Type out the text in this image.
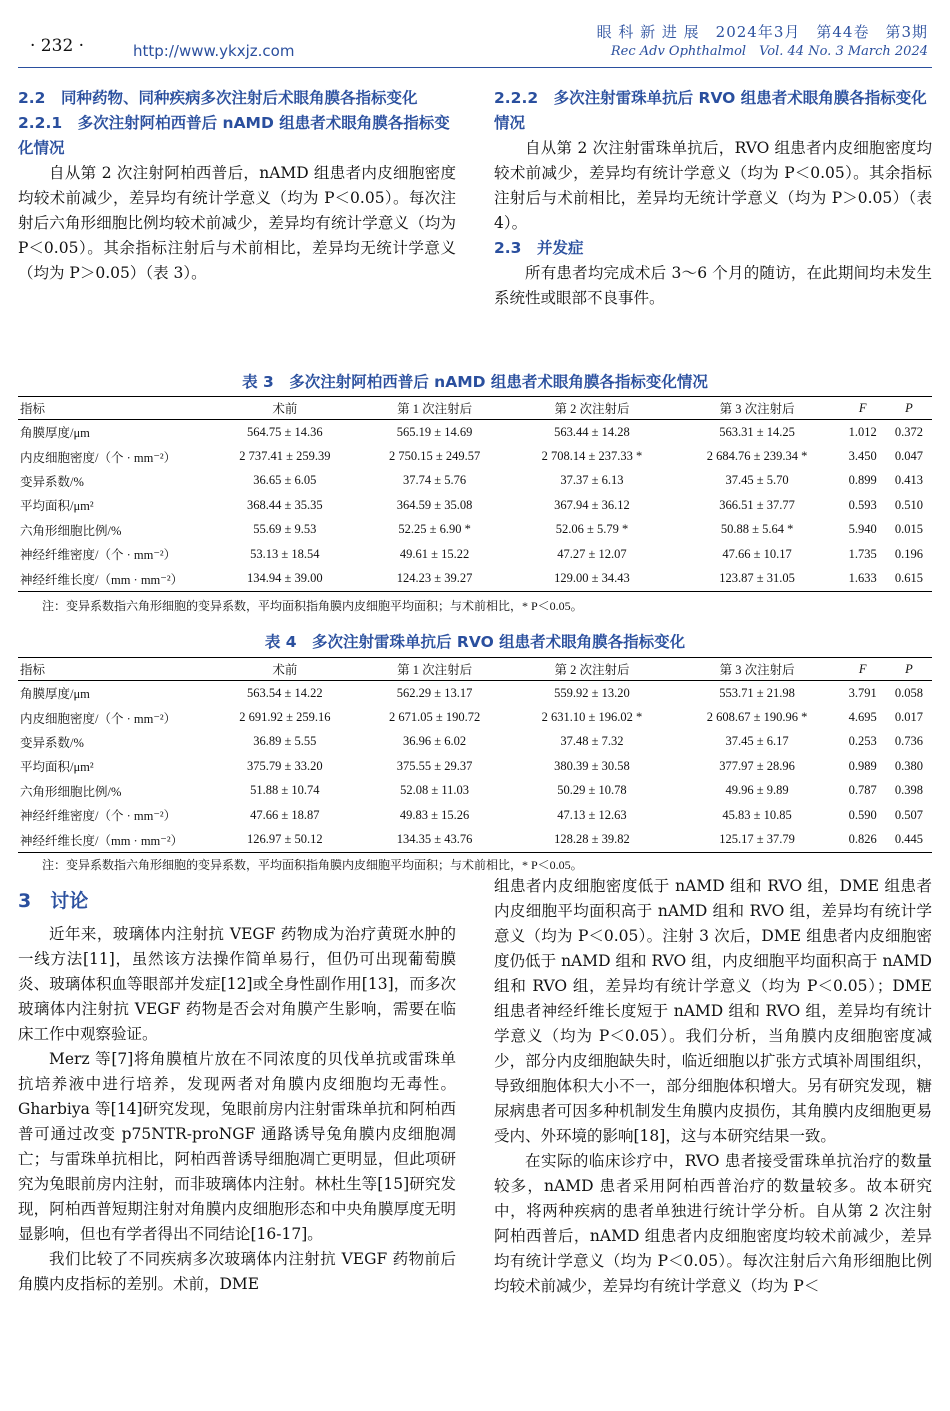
· 232 ·	http://www.ykxjz.com
眼 科 新 进 展　2024年3月　第44卷　第3期
Rec Adv Ophthalmol　Vol. 44 No. 3 March 2024
2.2　同种药物、同种疾病多次注射后术眼角膜各指标变化
2.2.1　多次注射阿柏西普后 nAMD 组患者术眼角膜各指标变化情况

自从第 2 次注射阿柏西普后，nAMD 组患者内皮细胞密度均较术前减少，差异均有统计学意义（均为 P＜0.05）。每次注射后六角形细胞比例均较术前减少，差异均有统计学意义（均为 P＜0.05）。其余指标注射后与术前相比，差异均无统计学意义（均为 P＞0.05）（表 3）。

2.2.2　多次注射雷珠单抗后 RVO 组患者术眼角膜各指标变化情况

自从第 2 次注射雷珠单抗后，RVO 组患者内皮细胞密度均较术前减少，差异均有统计学意义（均为 P＜0.05）。其余指标注射后与术前相比，差异均无统计学意义（均为 P＞0.05）（表 4）。

2.3　并发症

所有患者均完成术后 3～6 个月的随访，在此期间均未发生系统性或眼部不良事件。

表 3　多次注射阿柏西普后 nAMD 组患者术眼角膜各指标变化情况
指标	术前	第 1 次注射后	第 2 次注射后	第 3 次注射后	F	P
角膜厚度/μm	564.75 ± 14.36	565.19 ± 14.69	563.44 ± 14.28	563.31 ± 14.25	1.012	0.372
内皮细胞密度/（个 · mm⁻²）	2 737.41 ± 259.39	2 750.15 ± 249.57	2 708.14 ± 237.33 *	2 684.76 ± 239.34 *	3.450	0.047
变异系数/%	36.65 ± 6.05	37.74 ± 5.76	37.37 ± 6.13	37.45 ± 5.70	0.899	0.413
平均面积/μm²	368.44 ± 35.35	364.59 ± 35.08	367.94 ± 36.12	366.51 ± 37.77	0.593	0.510
六角形细胞比例/%	55.69 ± 9.53	52.25 ± 6.90 *	52.06 ± 5.79 *	50.88 ± 5.64 *	5.940	0.015
神经纤维密度/（个 · mm⁻²）	53.13 ± 18.54	49.61 ± 15.22	47.27 ± 12.07	47.66 ± 10.17	1.735	0.196
神经纤维长度/（mm · mm⁻²）	134.94 ± 39.00	124.23 ± 39.27	129.00 ± 34.43	123.87 ± 31.05	1.633	0.615
注：变异系数指六角形细胞的变异系数，平均面积指角膜内皮细胞平均面积；与术前相比，* P＜0.05。
表 4　多次注射雷珠单抗后 RVO 组患者术眼角膜各指标变化
指标	术前	第 1 次注射后	第 2 次注射后	第 3 次注射后	F	P
角膜厚度/μm	563.54 ± 14.22	562.29 ± 13.17	559.92 ± 13.20	553.71 ± 21.98	3.791	0.058
内皮细胞密度/（个 · mm⁻²）	2 691.92 ± 259.16	2 671.05 ± 190.72	2 631.10 ± 196.02 *	2 608.67 ± 190.96 *	4.695	0.017
变异系数/%	36.89 ± 5.55	36.96 ± 6.02	37.48 ± 7.32	37.45 ± 6.17	0.253	0.736
平均面积/μm²	375.79 ± 33.20	375.55 ± 29.37	380.39 ± 30.58	377.97 ± 28.96	0.989	0.380
六角形细胞比例/%	51.88 ± 10.74	52.08 ± 11.03	50.29 ± 10.78	49.96 ± 9.89	0.787	0.398
神经纤维密度/（个 · mm⁻²）	47.66 ± 18.87	49.83 ± 15.26	47.13 ± 12.63	45.83 ± 10.85	0.590	0.507
神经纤维长度/（mm · mm⁻²）	126.97 ± 50.12	134.35 ± 43.76	128.28 ± 39.82	125.17 ± 37.79	0.826	0.445
注：变异系数指六角形细胞的变异系数，平均面积指角膜内皮细胞平均面积；与术前相比，* P＜0.05。
3　讨论

近年来，玻璃体内注射抗 VEGF 药物成为治疗黄斑水肿的一线方法[11]，虽然该方法操作简单易行，但仍可出现葡萄膜炎、玻璃体积血等眼部并发症[12]或全身性副作用[13]，而多次玻璃体内注射抗 VEGF 药物是否会对角膜产生影响，需要在临床工作中观察验证。

Merz 等[7]将角膜植片放在不同浓度的贝伐单抗或雷珠单抗培养液中进行培养，发现两者对角膜内皮细胞均无毒性。Gharbiya 等[14]研究发现，兔眼前房内注射雷珠单抗和阿柏西普可通过改变 p75NTR-proNGF 通路诱导兔角膜内皮细胞凋亡；与雷珠单抗相比，阿柏西普诱导细胞凋亡更明显，但此项研究为兔眼前房内注射，而非玻璃体内注射。林杜生等[15]研究发现，阿柏西普短期注射对角膜内皮细胞形态和中央角膜厚度无明显影响，但也有学者得出不同结论[16-17]。

我们比较了不同疾病多次玻璃体内注射抗 VEGF 药物前后角膜内皮指标的差别。术前，DME

组患者内皮细胞密度低于 nAMD 组和 RVO 组，DME 组患者内皮细胞平均面积高于 nAMD 组和 RVO 组，差异均有统计学意义（均为 P＜0.05）。注射 3 次后，DME 组患者内皮细胞密度仍低于 nAMD 组和 RVO 组，内皮细胞平均面积高于 nAMD 组和 RVO 组，差异均有统计学意义（均为 P＜0.05）；DME 组患者神经纤维长度短于 nAMD 组和 RVO 组，差异均有统计学意义（均为 P＜0.05）。我们分析，当角膜内皮细胞密度减少，部分内皮细胞缺失时，临近细胞以扩张方式填补周围组织，导致细胞体积大小不一，部分细胞体积增大。另有研究发现，糖尿病患者可因多种机制发生角膜内皮损伤，其角膜内皮细胞更易受内、外环境的影响[18]，这与本研究结果一致。

在实际的临床诊疗中，RVO 患者接受雷珠单抗治疗的数量较多，nAMD 患者采用阿柏西普治疗的数量较多。故本研究中，将两种疾病的患者单独进行统计学分析。自从第 2 次注射阿柏西普后，nAMD 组患者内皮细胞密度均较术前减少，差异均有统计学意义（均为 P＜0.05）。每次注射后六角形细胞比例均较术前减少，差异均有统计学意义（均为 P＜
